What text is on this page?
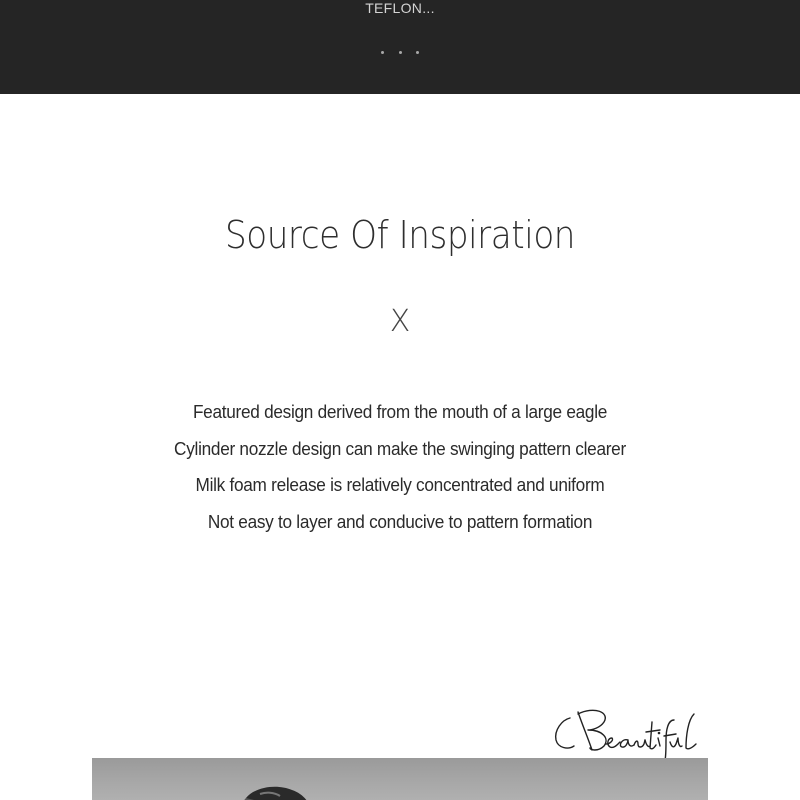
TEFLON...

Source Of Inspiration
X
Featured design derived from the mouth of a large eagle
Cylinder nozzle design can make the swinging pattern clearer
Milk foam release is relatively concentrated and uniform
Not easy to layer and conducive to pattern formation
